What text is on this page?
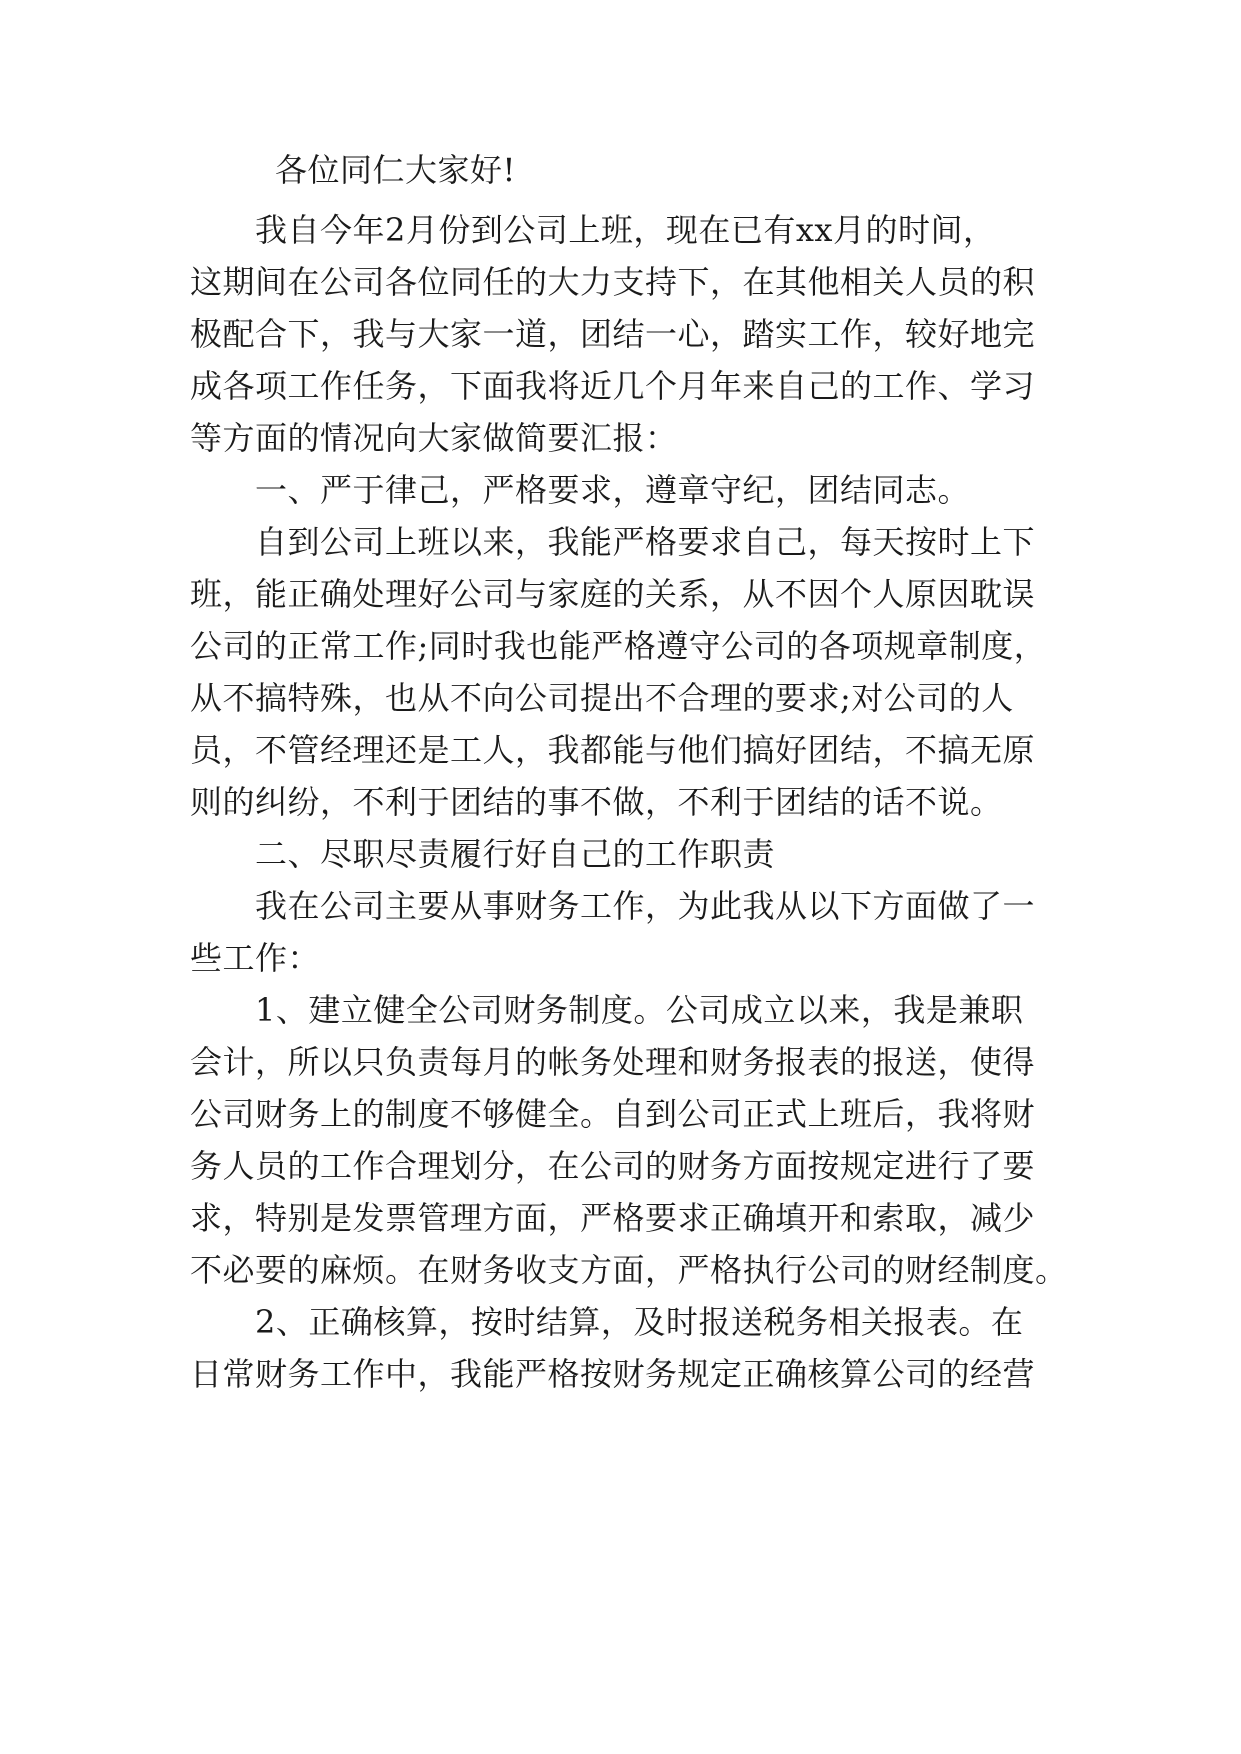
各位同仁大家好!

我自今年2月份到公司上班，现在已有xx月的时间，

这期间在公司各位同任的大力支持下，在其他相关人员的积

极配合下，我与大家一道，团结一心，踏实工作，较好地完

成各项工作任务，下面我将近几个月年来自己的工作、学习

等方面的情况向大家做简要汇报：

一、严于律己，严格要求，遵章守纪，团结同志。

自到公司上班以来，我能严格要求自己，每天按时上下

班，能正确处理好公司与家庭的关系，从不因个人原因耽误

公司的正常工作;同时我也能严格遵守公司的各项规章制度，

从不搞特殊，也从不向公司提出不合理的要求;对公司的人

员，不管经理还是工人，我都能与他们搞好团结，不搞无原

则的纠纷，不利于团结的事不做，不利于团结的话不说。

二、尽职尽责履行好自己的工作职责

我在公司主要从事财务工作，为此我从以下方面做了一

些工作：

1、建立健全公司财务制度。公司成立以来，我是兼职

会计，所以只负责每月的帐务处理和财务报表的报送，使得

公司财务上的制度不够健全。自到公司正式上班后，我将财

务人员的工作合理划分，在公司的财务方面按规定进行了要

求，特别是发票管理方面，严格要求正确填开和索取，减少

不必要的麻烦。在财务收支方面，严格执行公司的财经制度。

2、正确核算，按时结算，及时报送税务相关报表。在

日常财务工作中，我能严格按财务规定正确核算公司的经营
